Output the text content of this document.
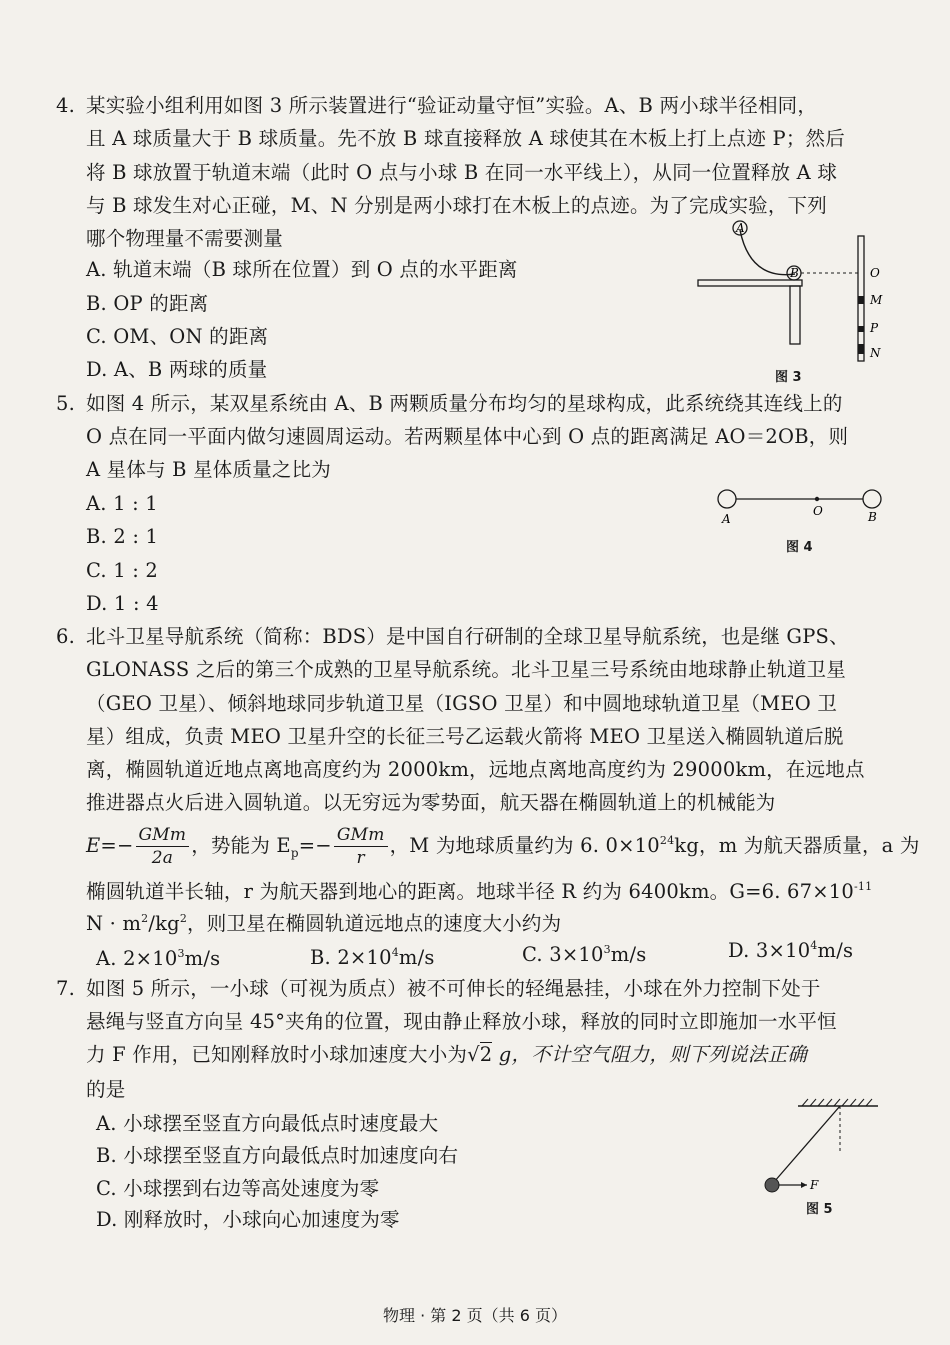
4. 某实验小组利用如图 3 所示装置进行“验证动量守恒”实验。A、B 两小球半径相同，
且 A 球质量大于 B 球质量。先不放 B 球直接释放 A 球使其在木板上打上点迹 P；然后
将 B 球放置于轨道末端（此时 O 点与小球 B 在同一水平线上），从同一位置释放 A 球
与 B 球发生对心正碰，M、N 分别是两小球打在木板上的点迹。为了完成实验，下列
哪个物理量不需要测量
A. 轨道末端（B 球所在位置）到 O 点的水平距离
B. OP 的距离
C. OM、ON 的距离
D. A、B 两球的质量
A
B	O
M
P
N
图 3
5. 如图 4 所示，某双星系统由 A、B 两颗质量分布均匀的星球构成，此系统绕其连线上的
O 点在同一平面内做匀速圆周运动。若两颗星体中心到 O 点的距离满足 AO＝2OB，则
A 星体与 B 星体质量之比为
A. 1 : 1
B. 2 : 1
C. 1 : 2
D. 1 : 4
A
O	B
图 4
6. 北斗卫星导航系统（简称：BDS）是中国自行研制的全球卫星导航系统，也是继 GPS、
GLONASS 之后的第三个成熟的卫星导航系统。北斗卫星三号系统由地球静止轨道卫星
（GEO 卫星）、倾斜地球同步轨道卫星（IGSO 卫星）和中圆地球轨道卫星（MEO 卫
星）组成，负责 MEO 卫星升空的长征三号乙运载火箭将 MEO 卫星送入椭圆轨道后脱
离，椭圆轨道近地点离地高度约为 2000km，远地点离地高度约为 29000km，在远地点
推进器点火后进入圆轨道。以无穷远为零势面，航天器在椭圆轨道上的机械能为
$E=- \frac{\text{GMm}}{2a}$ ，势能为 $E_p=- \frac{\text{GMm}}{r}$ ，M 为地球质量约为 6. $0\times 10^{24}kg$，m 为航天器质量，a 为
椭圆轨道半长轴，r 为航天器到地心的距离。地球半径 R 约为 6400km。G=6. $67\times 10^{-11}$
$N \cdot m^2/kg^2$，则卫星在椭圆轨道远地点的速度大小约为
A. $2\times 10^3m/s$	B. $2\times 10^4m/s$	C. $3\times 10^3m/s$	D. $3\times 10^4m/s$
7. 如图 5 所示，一小球（可视为质点）被不可伸长的轻绳悬挂，小球在外力控制下处于
悬绳与竖直方向呈 45°夹角的位置，现由静止释放小球，释放的同时立即施加一水平恒
力 F 作用，已知刚释放时小球加速度大小为√2 g，不计空气阻力，则下列说法正确
的是
A. 小球摆至竖直方向最低点时速度最大
B. 小球摆至竖直方向最低点时加速度向右
C. 小球摆到右边等高处速度为零
D. 刚释放时，小球向心加速度为零
F
图 5
物理 · 第 2 页（共 6 页）
